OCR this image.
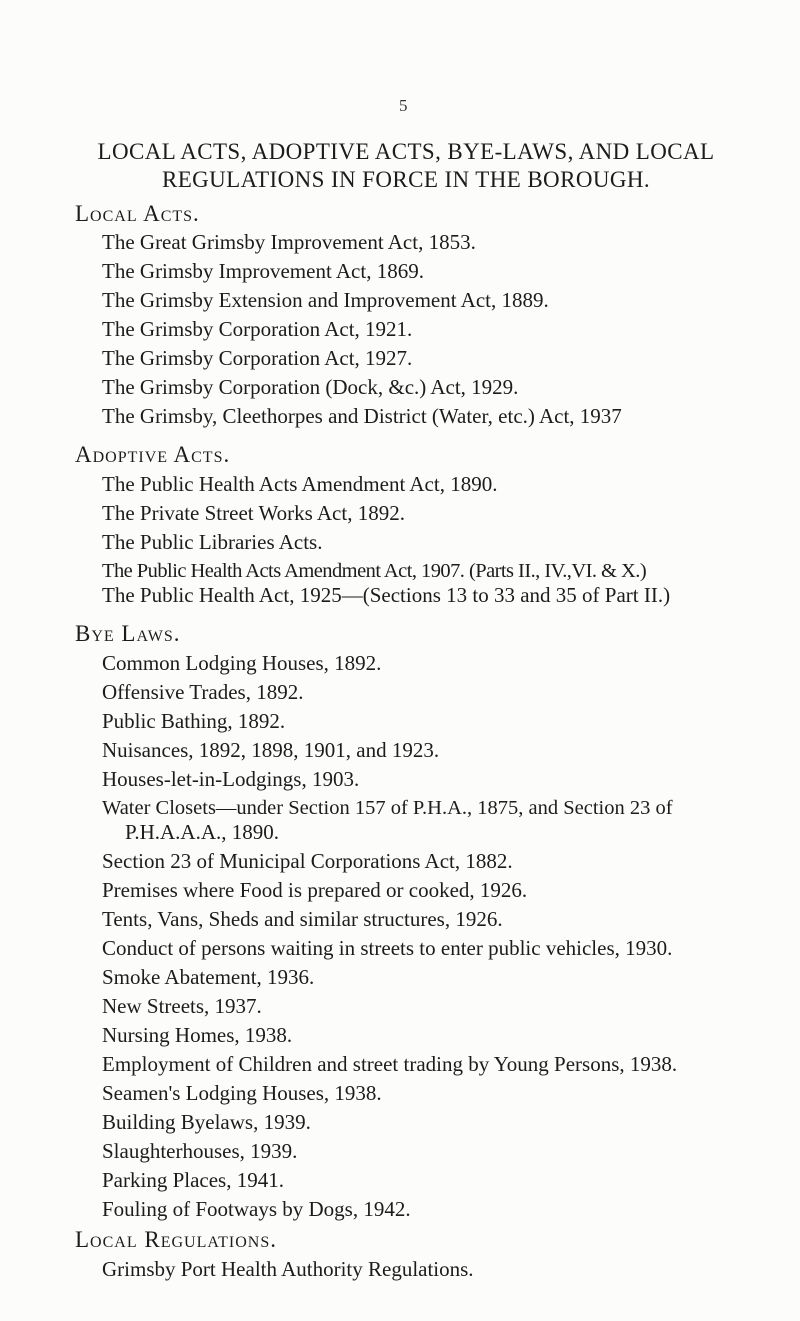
5
LOCAL ACTS, ADOPTIVE ACTS, BYE-LAWS, AND LOCAL
REGULATIONS IN FORCE IN THE BOROUGH.
Local Acts.
The Great Grimsby Improvement Act, 1853.
The Grimsby Improvement Act, 1869.
The Grimsby Extension and Improvement Act, 1889.
The Grimsby Corporation Act, 1921.
The Grimsby Corporation Act, 1927.
The Grimsby Corporation (Dock, &c.) Act, 1929.
The Grimsby, Cleethorpes and District (Water, etc.) Act, 1937
Adoptive Acts.
The Public Health Acts Amendment Act, 1890.
The Private Street Works Act, 1892.
The Public Libraries Acts.
The Public Health Acts Amendment Act, 1907. (Parts II., IV.,VI. & X.)
The Public Health Act, 1925—(Sections 13 to 33 and 35 of Part II.)
Bye Laws.
Common Lodging Houses, 1892.
Offensive Trades, 1892.
Public Bathing, 1892.
Nuisances, 1892, 1898, 1901, and 1923.
Houses-let-in-Lodgings, 1903.
Water Closets—under Section 157 of P.H.A., 1875, and Section 23 of
P.H.A.A.A., 1890.
Section 23 of Municipal Corporations Act, 1882.
Premises where Food is prepared or cooked, 1926.
Tents, Vans, Sheds and similar structures, 1926.
Conduct of persons waiting in streets to enter public vehicles, 1930.
Smoke Abatement, 1936.
New Streets, 1937.
Nursing Homes, 1938.
Employment of Children and street trading by Young Persons, 1938.
Seamen's Lodging Houses, 1938.
Building Byelaws, 1939.
Slaughterhouses, 1939.
Parking Places, 1941.
Fouling of Footways by Dogs, 1942.
Local Regulations.
Grimsby Port Health Authority Regulations.
